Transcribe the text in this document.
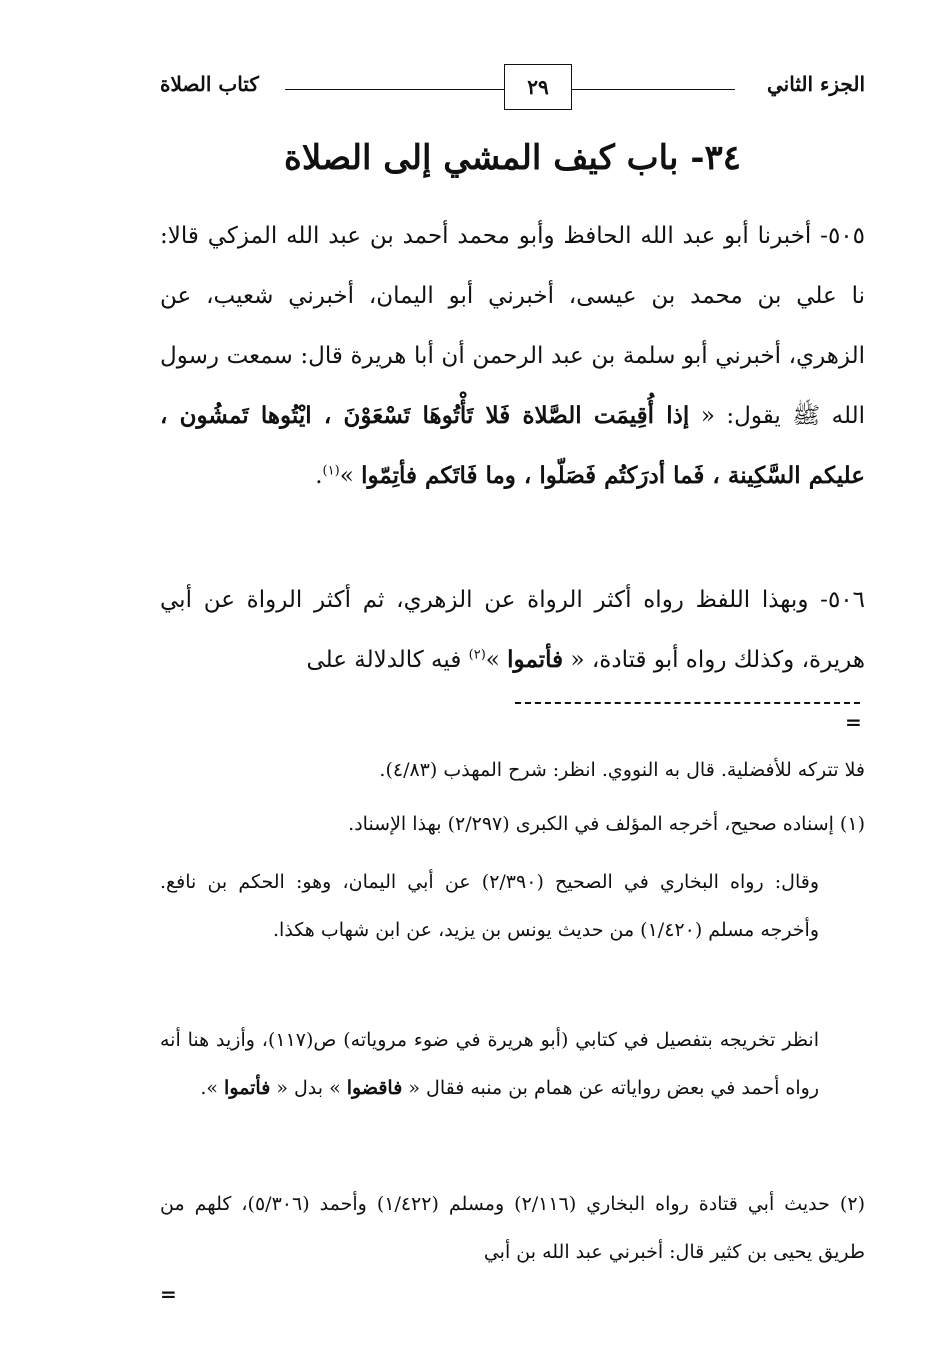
الجزء الثاني
٢٩
كتاب الصلاة
٣٤- باب كيف المشي إلى الصلاة
٥٠٥- أخبرنا أبو عبد الله الحافظ وأبو محمد أحمد بن عبد الله المزكي قالا: نا علي بن محمد بن عيسى، أخبرني أبو اليمان، أخبرني شعيب، عن الزهري، أخبرني أبو سلمة بن عبد الرحمن أن أبا هريرة قال: سمعت رسول الله ﷺ يقول: « إذا أُقِيمَت الصَّلاة فَلا تَأْتُوهَا تَسْعَوْنَ ، ايْتُوها تَمشُون ، عليكم السَّكِينة ، فَما أدرَكتُم فَصَلّوا ، وما فَاتَكم فأتِمّوا »$^{(١)}$.
٥٠٦- وبهذا اللفظ رواه أكثر الرواة عن الزهري، ثم أكثر الرواة عن أبي هريرة، وكذلك رواه أبو قتادة، « فأتموا »$^{(٢)}$ فيه كالدلالة على
=
فلا تتركه للأفضلية. قال به النووي. انظر: شرح المهذب (٤/٨٣).
(١) إسناده صحيح، أخرجه المؤلف في الكبرى (٢/٢٩٧) بهذا الإسناد.
وقال: رواه البخاري في الصحيح (٢/٣٩٠) عن أبي اليمان، وهو: الحكم بن نافع. وأخرجه مسلم (١/٤٢٠) من حديث يونس بن يزيد، عن ابن شهاب هكذا.
انظر تخريجه بتفصيل في كتابي (أبو هريرة في ضوء مروياته) ص(١١٧)، وأزيد هنا أنه رواه أحمد في بعض رواياته عن همام بن منبه فقال « فاقضوا » بدل « فأتموا ».
(٢) حديث أبي قتادة رواه البخاري (٢/١١٦) ومسلم (١/٤٢٢) وأحمد (٥/٣٠٦)، كلهم من طريق يحيى بن كثير قال: أخبرني عبد الله بن أبي
=
